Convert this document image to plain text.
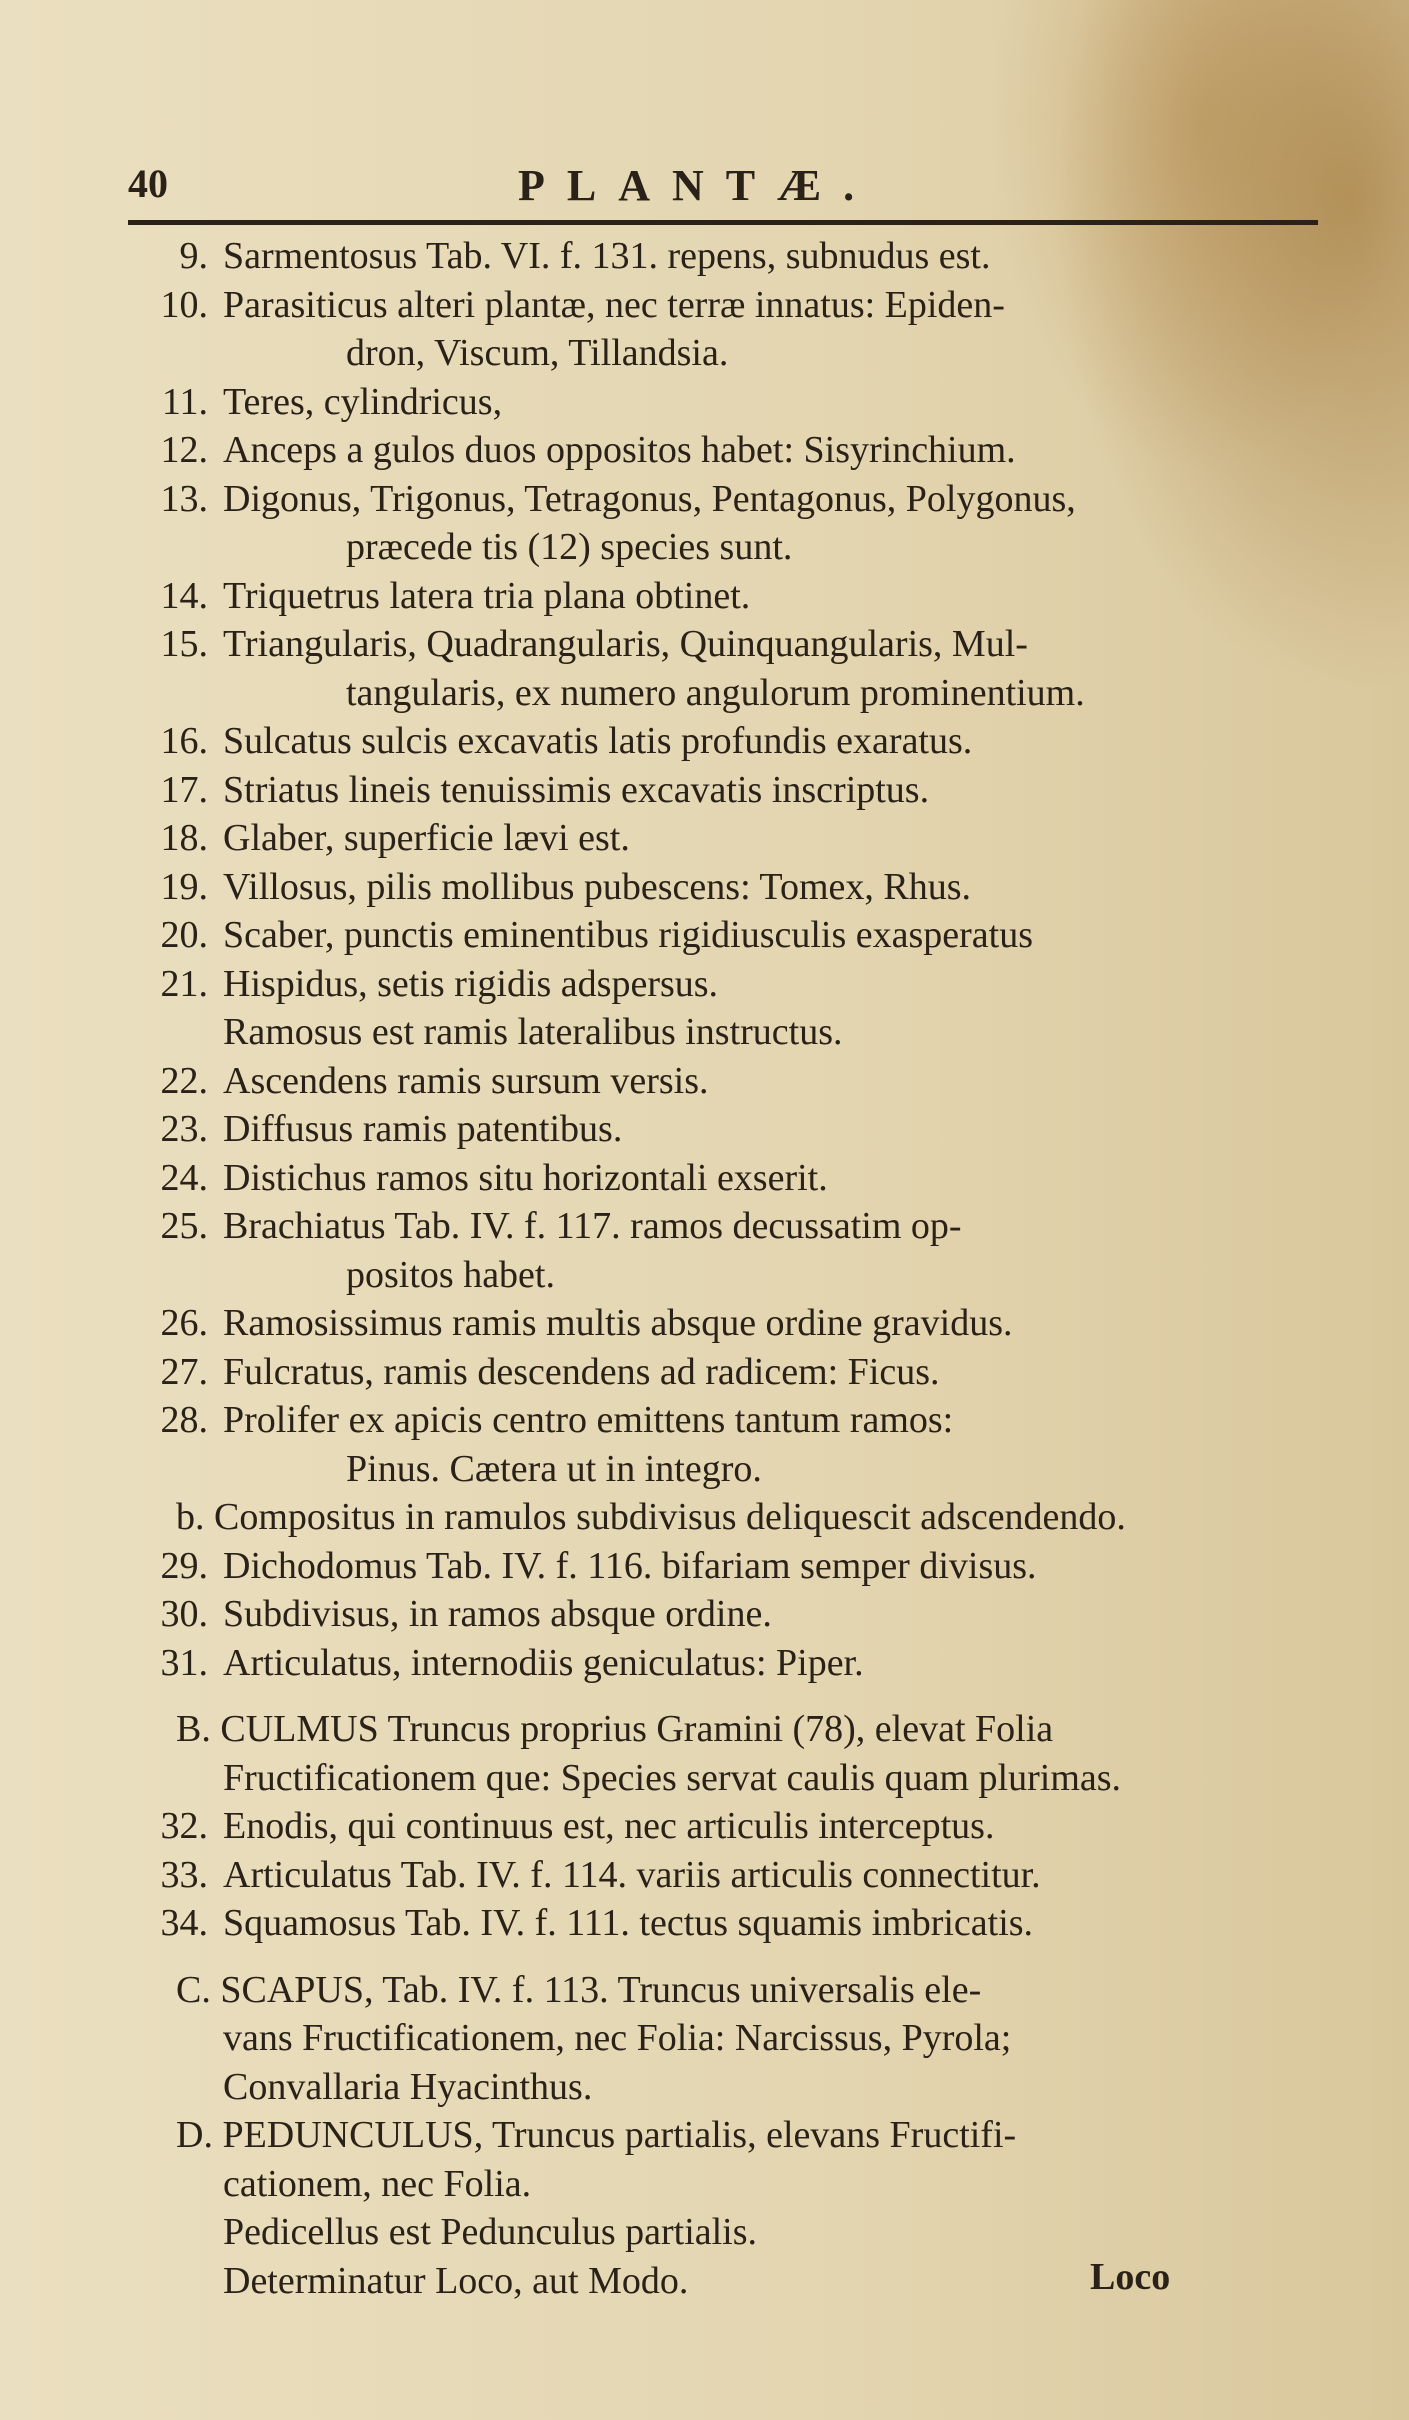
40	PLANTÆ.
9. Sarmentosus Tab. VI. f. 131. repens, subnudus est.
10. Parasiticus alteri plantæ, nec terræ innatus: Epiden-
dron, Viscum, Tillandsia.
11. Teres, cylindricus,
12. Anceps a gulos duos oppositos habet: Sisyrinchium.
13. Digonus, Trigonus, Tetragonus, Pentagonus, Polygonus,
præcede tis (12) species sunt.
14. Triquetrus latera tria plana obtinet.
15. Triangularis, Quadrangularis, Quinquangularis, Mul-
tangularis, ex numero angulorum prominentium.
16. Sulcatus sulcis excavatis latis profundis exaratus.
17. Striatus lineis tenuissimis excavatis inscriptus.
18. Glaber, superficie lævi est.
19. Villosus, pilis mollibus pubescens: Tomex, Rhus.
20. Scaber, punctis eminentibus rigidiusculis exasperatus
21. Hispidus, setis rigidis adspersus.
Ramosus est ramis lateralibus instructus.
22. Ascendens ramis sursum versis.
23. Diffusus ramis patentibus.
24. Distichus ramos situ horizontali exserit.
25. Brachiatus Tab. IV. f. 117. ramos decussatim op-
positos habet.
26. Ramosissimus ramis multis absque ordine gravidus.
27. Fulcratus, ramis descendens ad radicem: Ficus.
28. Prolifer ex apicis centro emittens tantum ramos:
Pinus. Cætera ut in integro.
b. Compositus in ramulos subdivisus deliquescit adscendendo.
29. Dichodomus Tab. IV. f. 116. bifariam semper divisus.
30. Subdivisus, in ramos absque ordine.
31. Articulatus, internodiis geniculatus: Piper.
B. CULMUS Truncus proprius Gramini (78), elevat Folia
Fructificationem que: Species servat caulis quam plurimas.
32. Enodis, qui continuus est, nec articulis interceptus.
33. Articulatus Tab. IV. f. 114. variis articulis connectitur.
34. Squamosus Tab. IV. f. 111. tectus squamis imbricatis.
C. SCAPUS, Tab. IV. f. 113. Truncus universalis ele-
vans Fructificationem, nec Folia: Narcissus, Pyrola;
Convallaria Hyacinthus.
D. PEDUNCULUS, Truncus partialis, elevans Fructifi-
cationem, nec Folia.
Pedicellus est Pedunculus partialis.
Determinatur Loco, aut Modo.	Loco
